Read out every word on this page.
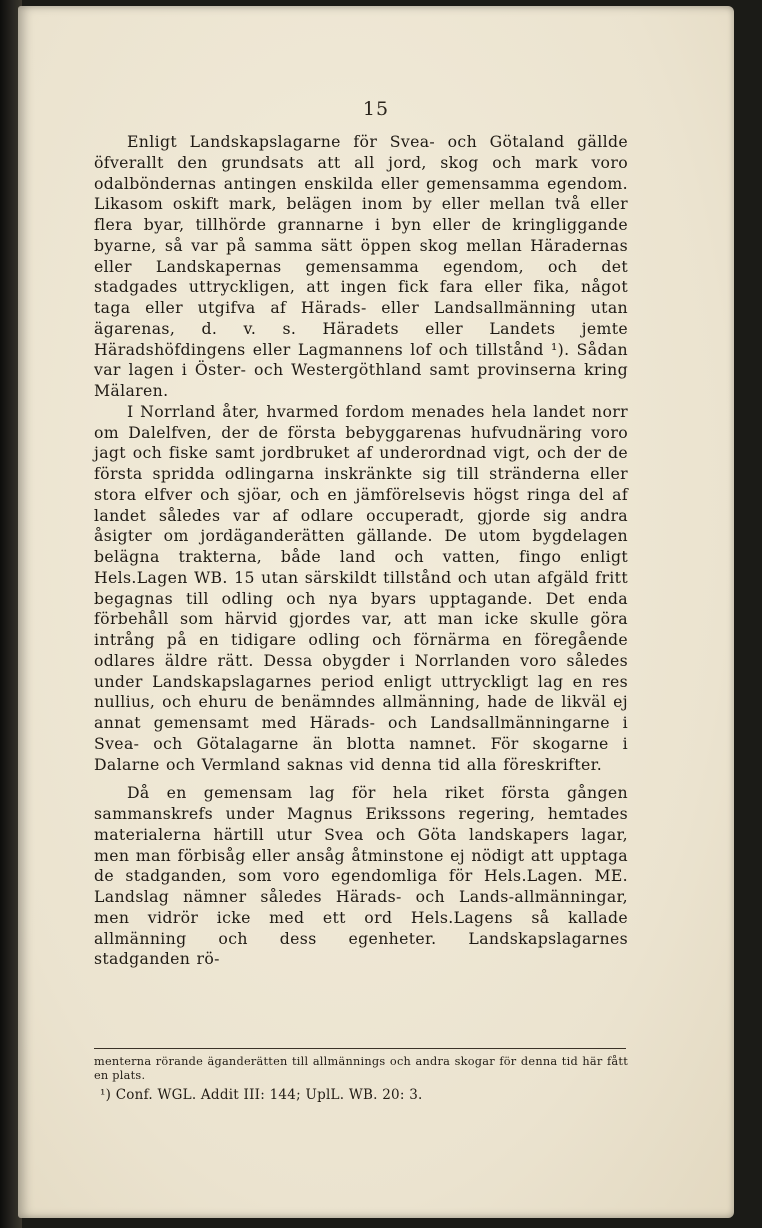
15

Enligt Landskapslagarne för Svea- och Götaland gällde öfverallt den grundsats att all jord, skog och mark voro odalböndernas antingen enskilda eller gemensamma egendom. Likasom oskift mark, belägen inom by eller mellan två eller flera byar, tillhörde grannarne i byn eller de kringliggande byarne, så var på samma sätt öppen skog mellan Häradernas eller Landskapernas gemensamma egendom, och det stadgades uttryckligen, att ingen fick fara eller fika, något taga eller utgifva af Härads- eller Landsallmänning utan ägarenas, d. v. s. Häradets eller Landets jemte Häradshöfdingens eller Lagmannens lof och tillstånd ¹). Sådan var lagen i Öster- och Westergöthland samt provinserna kring Mälaren.

I Norrland åter, hvarmed fordom menades hela landet norr om Dalelfven, der de första bebyggarenas hufvudnäring voro jagt och fiske samt jordbruket af underordnad vigt, och der de första spridda odlingarna inskränkte sig till stränderna eller stora elfver och sjöar, och en jämförelsevis högst ringa del af landet således var af odlare occuperadt, gjorde sig andra åsigter om jordäganderätten gällande. De utom bygdelagen belägna trakterna, både land och vatten, fingo enligt Hels.Lagen WB. 15 utan särskildt tillstånd och utan afgäld fritt begagnas till odling och nya byars upptagande. Det enda förbehåll som härvid gjordes var, att man icke skulle göra intrång på en tidigare odling och förnärma en föregående odlares äldre rätt. Dessa obygder i Norrlanden voro således under Landskapslagarnes period enligt uttryckligt lag en res nullius, och ehuru de benämndes allmänning, hade de likväl ej annat gemensamt med Härads- och Landsallmänningarne i Svea- och Götalagarne än blotta namnet. För skogarne i Dalarne och Vermland saknas vid denna tid alla föreskrifter.

Då en gemensam lag för hela riket första gången sammanskrefs under Magnus Erikssons regering, hemtades materialerna härtill utur Svea och Göta landskapers lagar, men man förbisåg eller ansåg åtminstone ej nödigt att upptaga de stadganden, som voro egendomliga för Hels.Lagen. ME. Landslag nämner således Härads- och Lands-allmänningar, men vidrör icke med ett ord Hels.Lagens så kallade allmänning och dess egenheter. Landskapslagarnes stadganden rö-

menterna rörande äganderätten till allmännings och andra skogar för denna tid här fått en plats.

¹) Conf. WGL. Addit III: 144; UplL. WB. 20: 3.
